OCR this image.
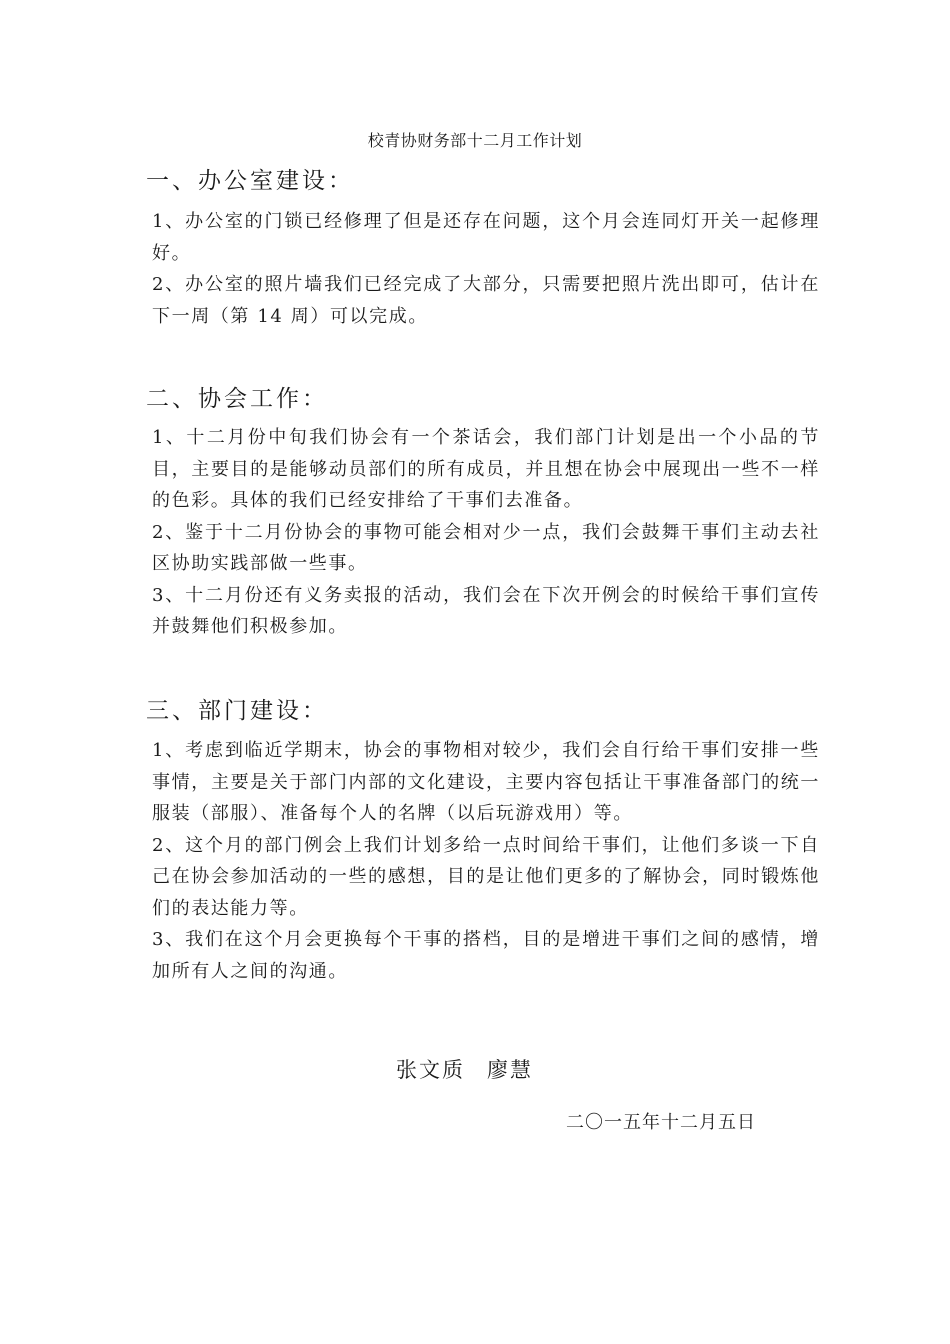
校青协财务部十二月工作计划
一、办公室建设：

1、办公室的门锁已经修理了但是还存在问题，这个月会连同灯开关一起修理好。

2、办公室的照片墙我们已经完成了大部分，只需要把照片洗出即可，估计在下一周（第 14 周）可以完成。

二、协会工作：

1、十二月份中旬我们协会有一个茶话会，我们部门计划是出一个小品的节目，主要目的是能够动员部们的所有成员，并且想在协会中展现出一些不一样的色彩。具体的我们已经安排给了干事们去准备。

2、鉴于十二月份协会的事物可能会相对少一点，我们会鼓舞干事们主动去社区协助实践部做一些事。

3、十二月份还有义务卖报的活动，我们会在下次开例会的时候给干事们宣传并鼓舞他们积极参加。

三、部门建设：

1、考虑到临近学期末，协会的事物相对较少，我们会自行给干事们安排一些事情，主要是关于部门内部的文化建设，主要内容包括让干事准备部门的统一服装（部服）、准备每个人的名牌（以后玩游戏用）等。

2、这个月的部门例会上我们计划多给一点时间给干事们，让他们多谈一下自己在协会参加活动的一些的感想，目的是让他们更多的了解协会，同时锻炼他们的表达能力等。

3、我们在这个月会更换每个干事的搭档，目的是增进干事们之间的感情，增加所有人之间的沟通。

张文质 廖慧
二〇一五年十二月五日
